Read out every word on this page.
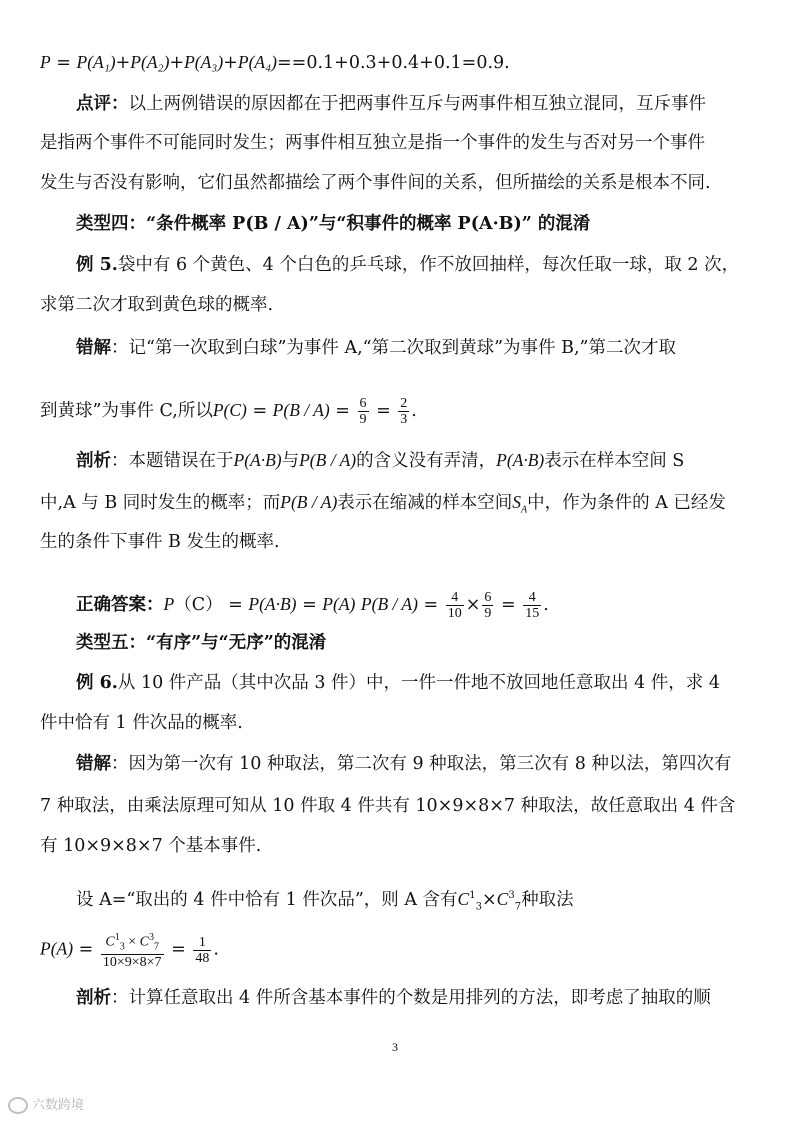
P = P(A₁)+P(A₂)+P(A₃)+P(A₄)==0.1+0.3+0.4+0.1=0.9.
点评：以上两例错误的原因都在于把两事件互斥与两事件相互独立混同，互斥事件
是指两个事件不可能同时发生；两事件相互独立是指一个事件的发生与否对另一个事件
发生与否没有影响，它们虽然都描绘了两个事件间的关系，但所描绘的关系是根本不同.
类型四：“条件概率 P(B / A)”与“积事件的概率 P(A·B)” 的混淆
例 5.袋中有 6 个黄色、4 个白色的乒乓球，作不放回抽样，每次任取一球，取 2 次，
求第二次才取到黄色球的概率.
错解：记“第一次取到白球”为事件 A,“第二次取到黄球”为事件 B,”第二次才取
到黄球”为事件 C,所以$P(C) = P(B / A) = \frac{6}{9} = \frac{2}{3}$ .
剖析：本题错误在于P(A·B)与P(B / A)的含义没有弄清，P(A·B)表示在样本空间 S
中,A 与 B 同时发生的概率；而P(B / A)表示在缩减的样本空间$S_A$中，作为条件的 A 已经发
生的条件下事件 B 发生的概率.
正确答案：P（C） = P(A·B) = P(A) $P(B / A) = \frac{4}{10} \times \frac{6}{9} = \frac{4}{15}$ .
类型五：“有序”与“无序”的混淆
例 6.从 10 件产品（其中次品 3 件）中，一件一件地不放回地任意取出 4 件，求 4
件中恰有 1 件次品的概率.
错解：因为第一次有 10 种取法，第二次有 9 种取法，第三次有 8 种以法，第四次有
7 种取法，由乘法原理可知从 10 件取 4 件共有 10×9×8×7 种取法，故任意取出 4 件含
有 10×9×8×7 个基本事件.
设 A=“取出的 4 件中恰有 1 件次品”，则 A 含有$C^1_3\times C^3_7$种取法
$P(A) = \frac{C^1_3 \times C^3_7}{10\times 9\times 8\times 7} = \frac{1}{48}$ .
剖析：计算任意取出 4 件所含基本事件的个数是用排列的方法，即考虑了抽取的顺
3
六数跨境
